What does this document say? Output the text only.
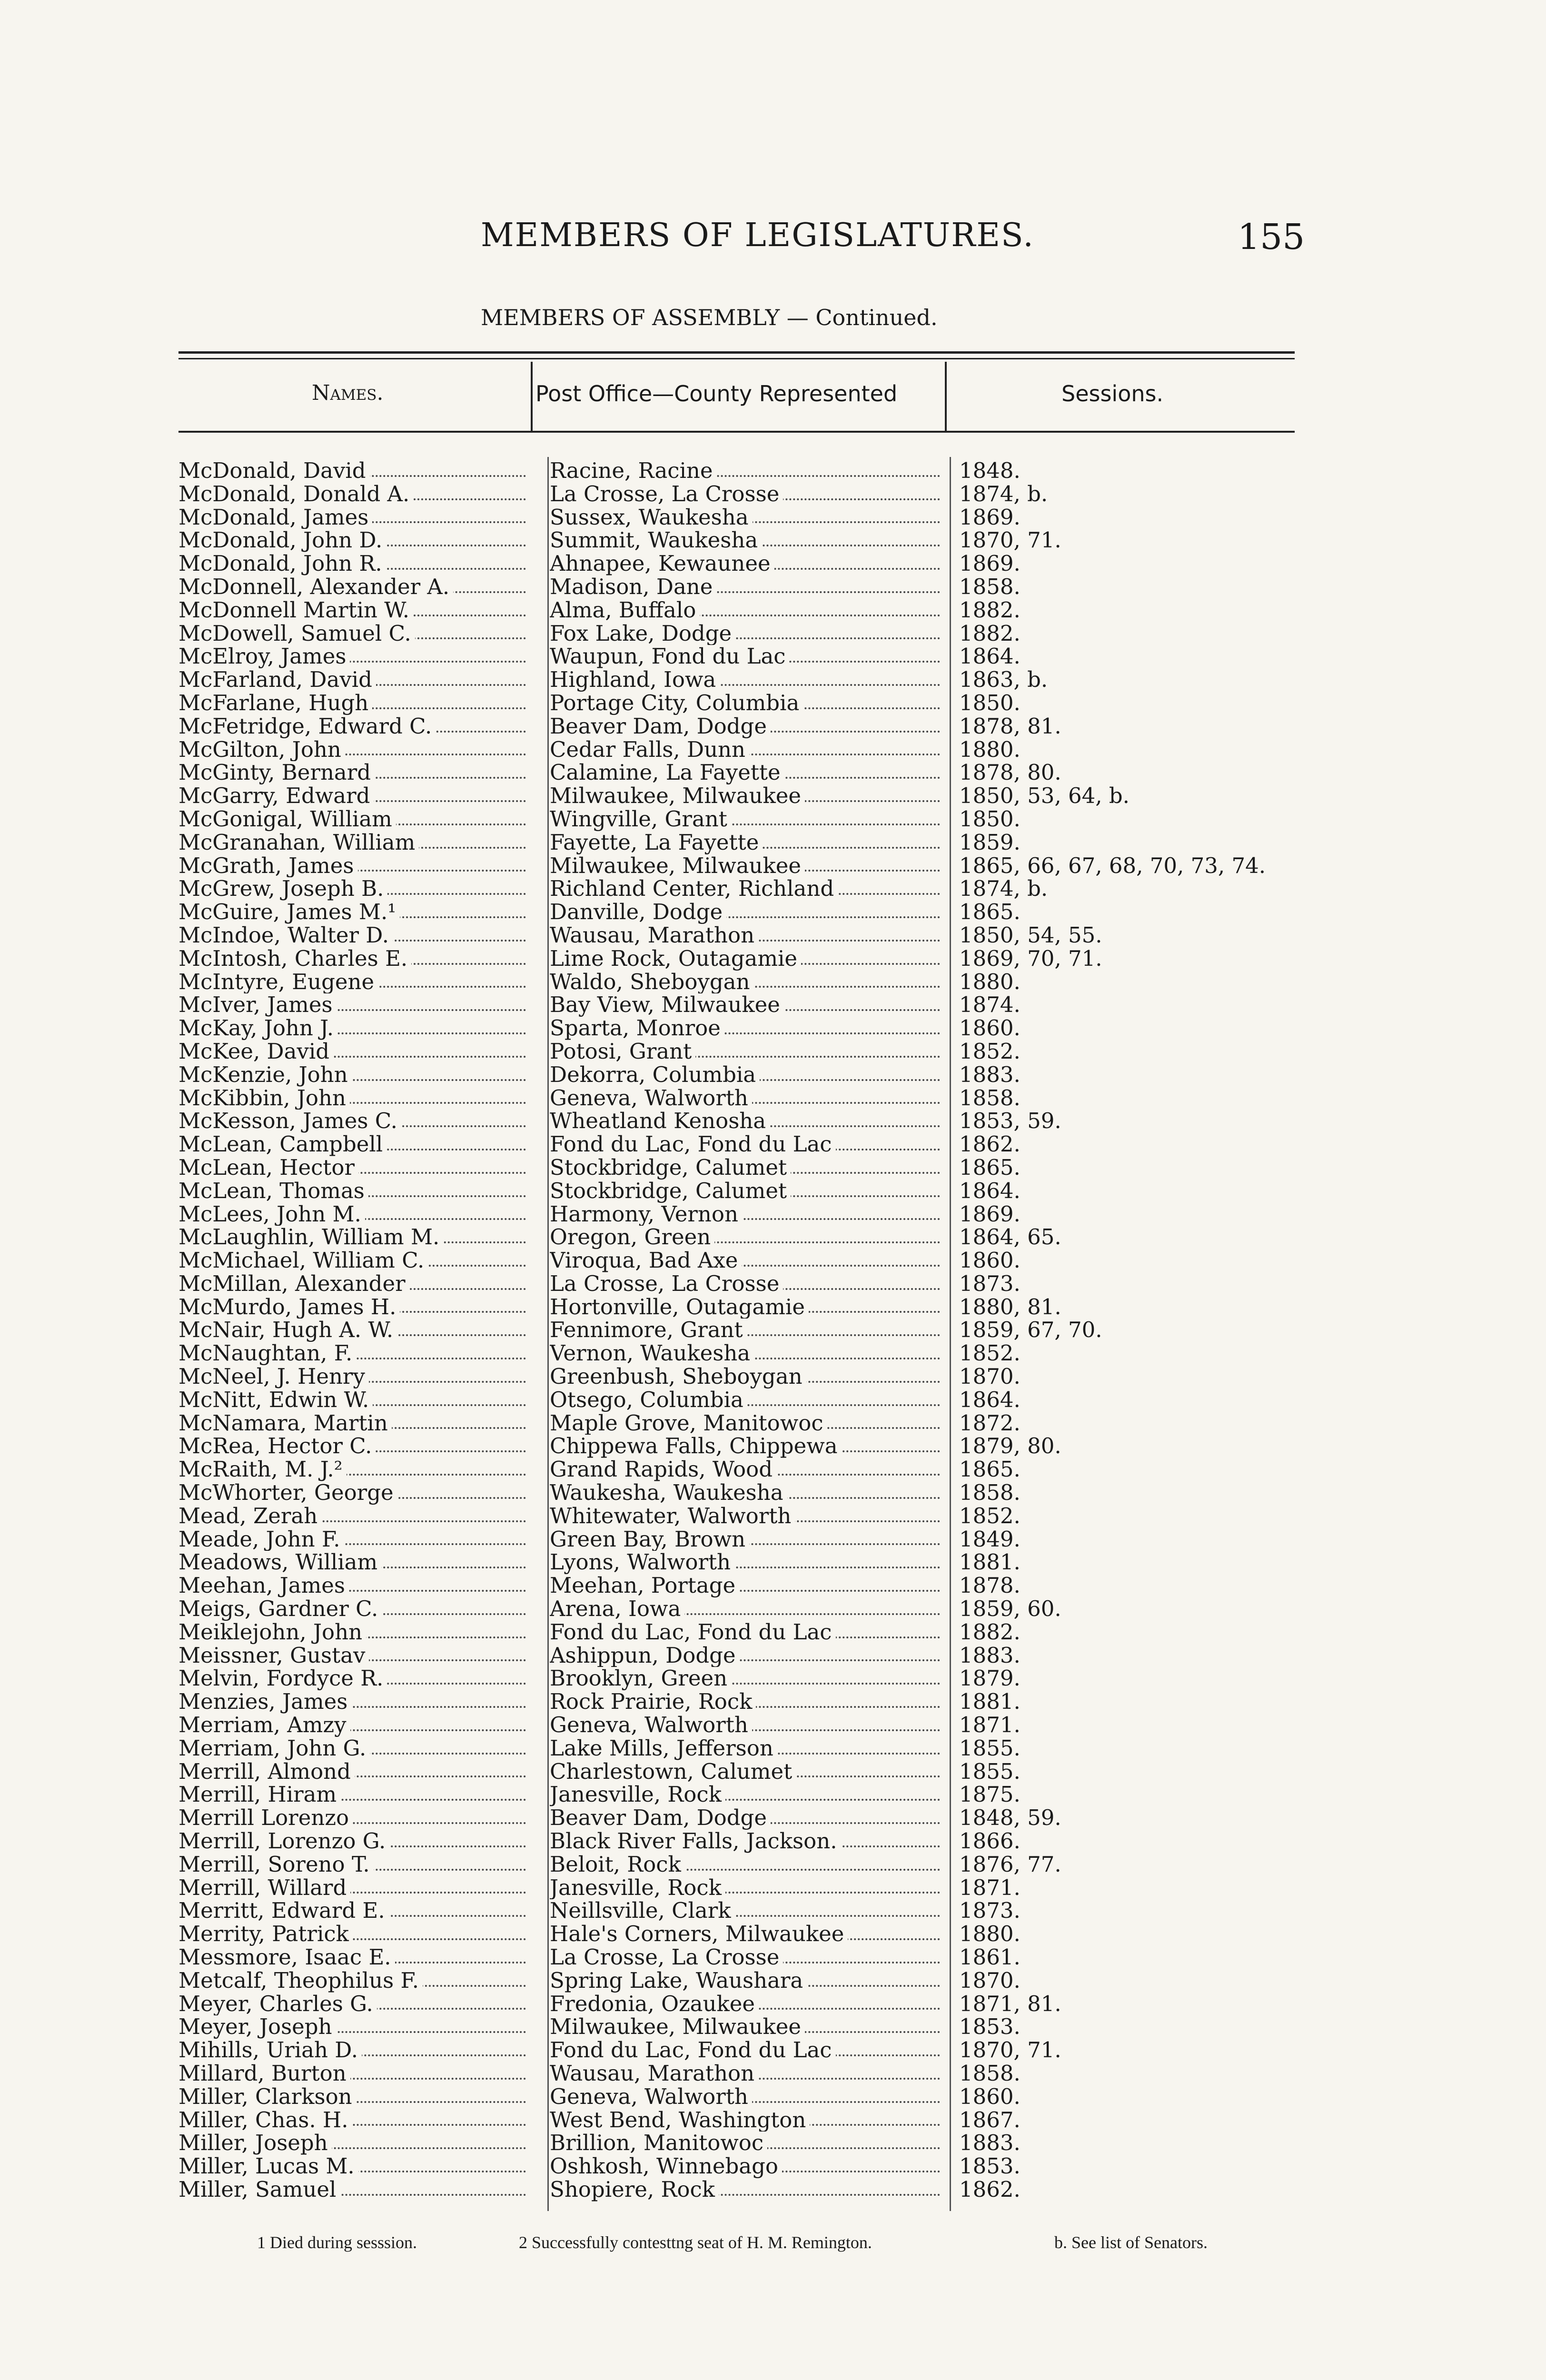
MEMBERS OF LEGISLATURES.	155
MEMBERS OF ASSEMBLY — Continued.
Names.	Post Office—County Represented	Sessions.
McDonald, David	Racine, Racine	1848.
McDonald, Donald A.	La Crosse, La Crosse	1874, b.
McDonald, James	Sussex, Waukesha	1869.
McDonald, John D.	Summit, Waukesha	1870, 71.
McDonald, John R.	Ahnapee, Kewaunee	1869.
McDonnell, Alexander A.	Madison, Dane	1858.
McDonnell Martin W.	Alma, Buffalo	1882.
McDowell, Samuel C.	Fox Lake, Dodge	1882.
McElroy, James	Waupun, Fond du Lac	1864.
McFarland, David	Highland, Iowa	1863, b.
McFarlane, Hugh	Portage City, Columbia	1850.
McFetridge, Edward C.	Beaver Dam, Dodge	1878, 81.
McGilton, John	Cedar Falls, Dunn	1880.
McGinty, Bernard	Calamine, La Fayette	1878, 80.
McGarry, Edward	Milwaukee, Milwaukee	1850, 53, 64, b.
McGonigal, William	Wingville, Grant	1850.
McGranahan, William	Fayette, La Fayette	1859.
McGrath, James	Milwaukee, Milwaukee	1865, 66, 67, 68, 70, 73, 74.
McGrew, Joseph B.	Richland Center, Richland	1874, b.
McGuire, James M.¹	Danville, Dodge	1865.
McIndoe, Walter D.	Wausau, Marathon	1850, 54, 55.
McIntosh, Charles E.	Lime Rock, Outagamie	1869, 70, 71.
McIntyre, Eugene	Waldo, Sheboygan	1880.
McIver, James	Bay View, Milwaukee	1874.
McKay, John J.	Sparta, Monroe	1860.
McKee, David	Potosi, Grant	1852.
McKenzie, John	Dekorra, Columbia	1883.
McKibbin, John	Geneva, Walworth	1858.
McKesson, James C.	Wheatland Kenosha	1853, 59.
McLean, Campbell	Fond du Lac, Fond du Lac	1862.
McLean, Hector	Stockbridge, Calumet	1865.
McLean, Thomas	Stockbridge, Calumet	1864.
McLees, John M.	Harmony, Vernon	1869.
McLaughlin, William M.	Oregon, Green	1864, 65.
McMichael, William C.	Viroqua, Bad Axe	1860.
McMillan, Alexander	La Crosse, La Crosse	1873.
McMurdo, James H.	Hortonville, Outagamie	1880, 81.
McNair, Hugh A. W.	Fennimore, Grant	1859, 67, 70.
McNaughtan, F.	Vernon, Waukesha	1852.
McNeel, J. Henry	Greenbush, Sheboygan	1870.
McNitt, Edwin W.	Otsego, Columbia	1864.
McNamara, Martin	Maple Grove, Manitowoc	1872.
McRea, Hector C.	Chippewa Falls, Chippewa	1879, 80.
McRaith, M. J.²	Grand Rapids, Wood	1865.
McWhorter, George	Waukesha, Waukesha	1858.
Mead, Zerah	Whitewater, Walworth	1852.
Meade, John F.	Green Bay, Brown	1849.
Meadows, William	Lyons, Walworth	1881.
Meehan, James	Meehan, Portage	1878.
Meigs, Gardner C.	Arena, Iowa	1859, 60.
Meiklejohn, John	Fond du Lac, Fond du Lac	1882.
Meissner, Gustav	Ashippun, Dodge	1883.
Melvin, Fordyce R.	Brooklyn, Green	1879.
Menzies, James	Rock Prairie, Rock	1881.
Merriam, Amzy	Geneva, Walworth	1871.
Merriam, John G.	Lake Mills, Jefferson	1855.
Merrill, Almond	Charlestown, Calumet	1855.
Merrill, Hiram	Janesville, Rock	1875.
Merrill Lorenzo	Beaver Dam, Dodge	1848, 59.
Merrill, Lorenzo G.	Black River Falls, Jackson.	1866.
Merrill, Soreno T.	Beloit, Rock	1876, 77.
Merrill, Willard	Janesville, Rock	1871.
Merritt, Edward E.	Neillsville, Clark	1873.
Merrity, Patrick	Hale's Corners, Milwaukee	1880.
Messmore, Isaac E.	La Crosse, La Crosse	1861.
Metcalf, Theophilus F.	Spring Lake, Waushara	1870.
Meyer, Charles G.	Fredonia, Ozaukee	1871, 81.
Meyer, Joseph	Milwaukee, Milwaukee	1853.
Mihills, Uriah D.	Fond du Lac, Fond du Lac	1870, 71.
Millard, Burton	Wausau, Marathon	1858.
Miller, Clarkson	Geneva, Walworth	1860.
Miller, Chas. H.	West Bend, Washington	1867.
Miller, Joseph	Brillion, Manitowoc	1883.
Miller, Lucas M.	Oshkosh, Winnebago	1853.
Miller, Samuel	Shopiere, Rock	1862.
1 Died during sesssion.	2 Successfully contesttng seat of H. M. Remington.	b. See list of Senators.
